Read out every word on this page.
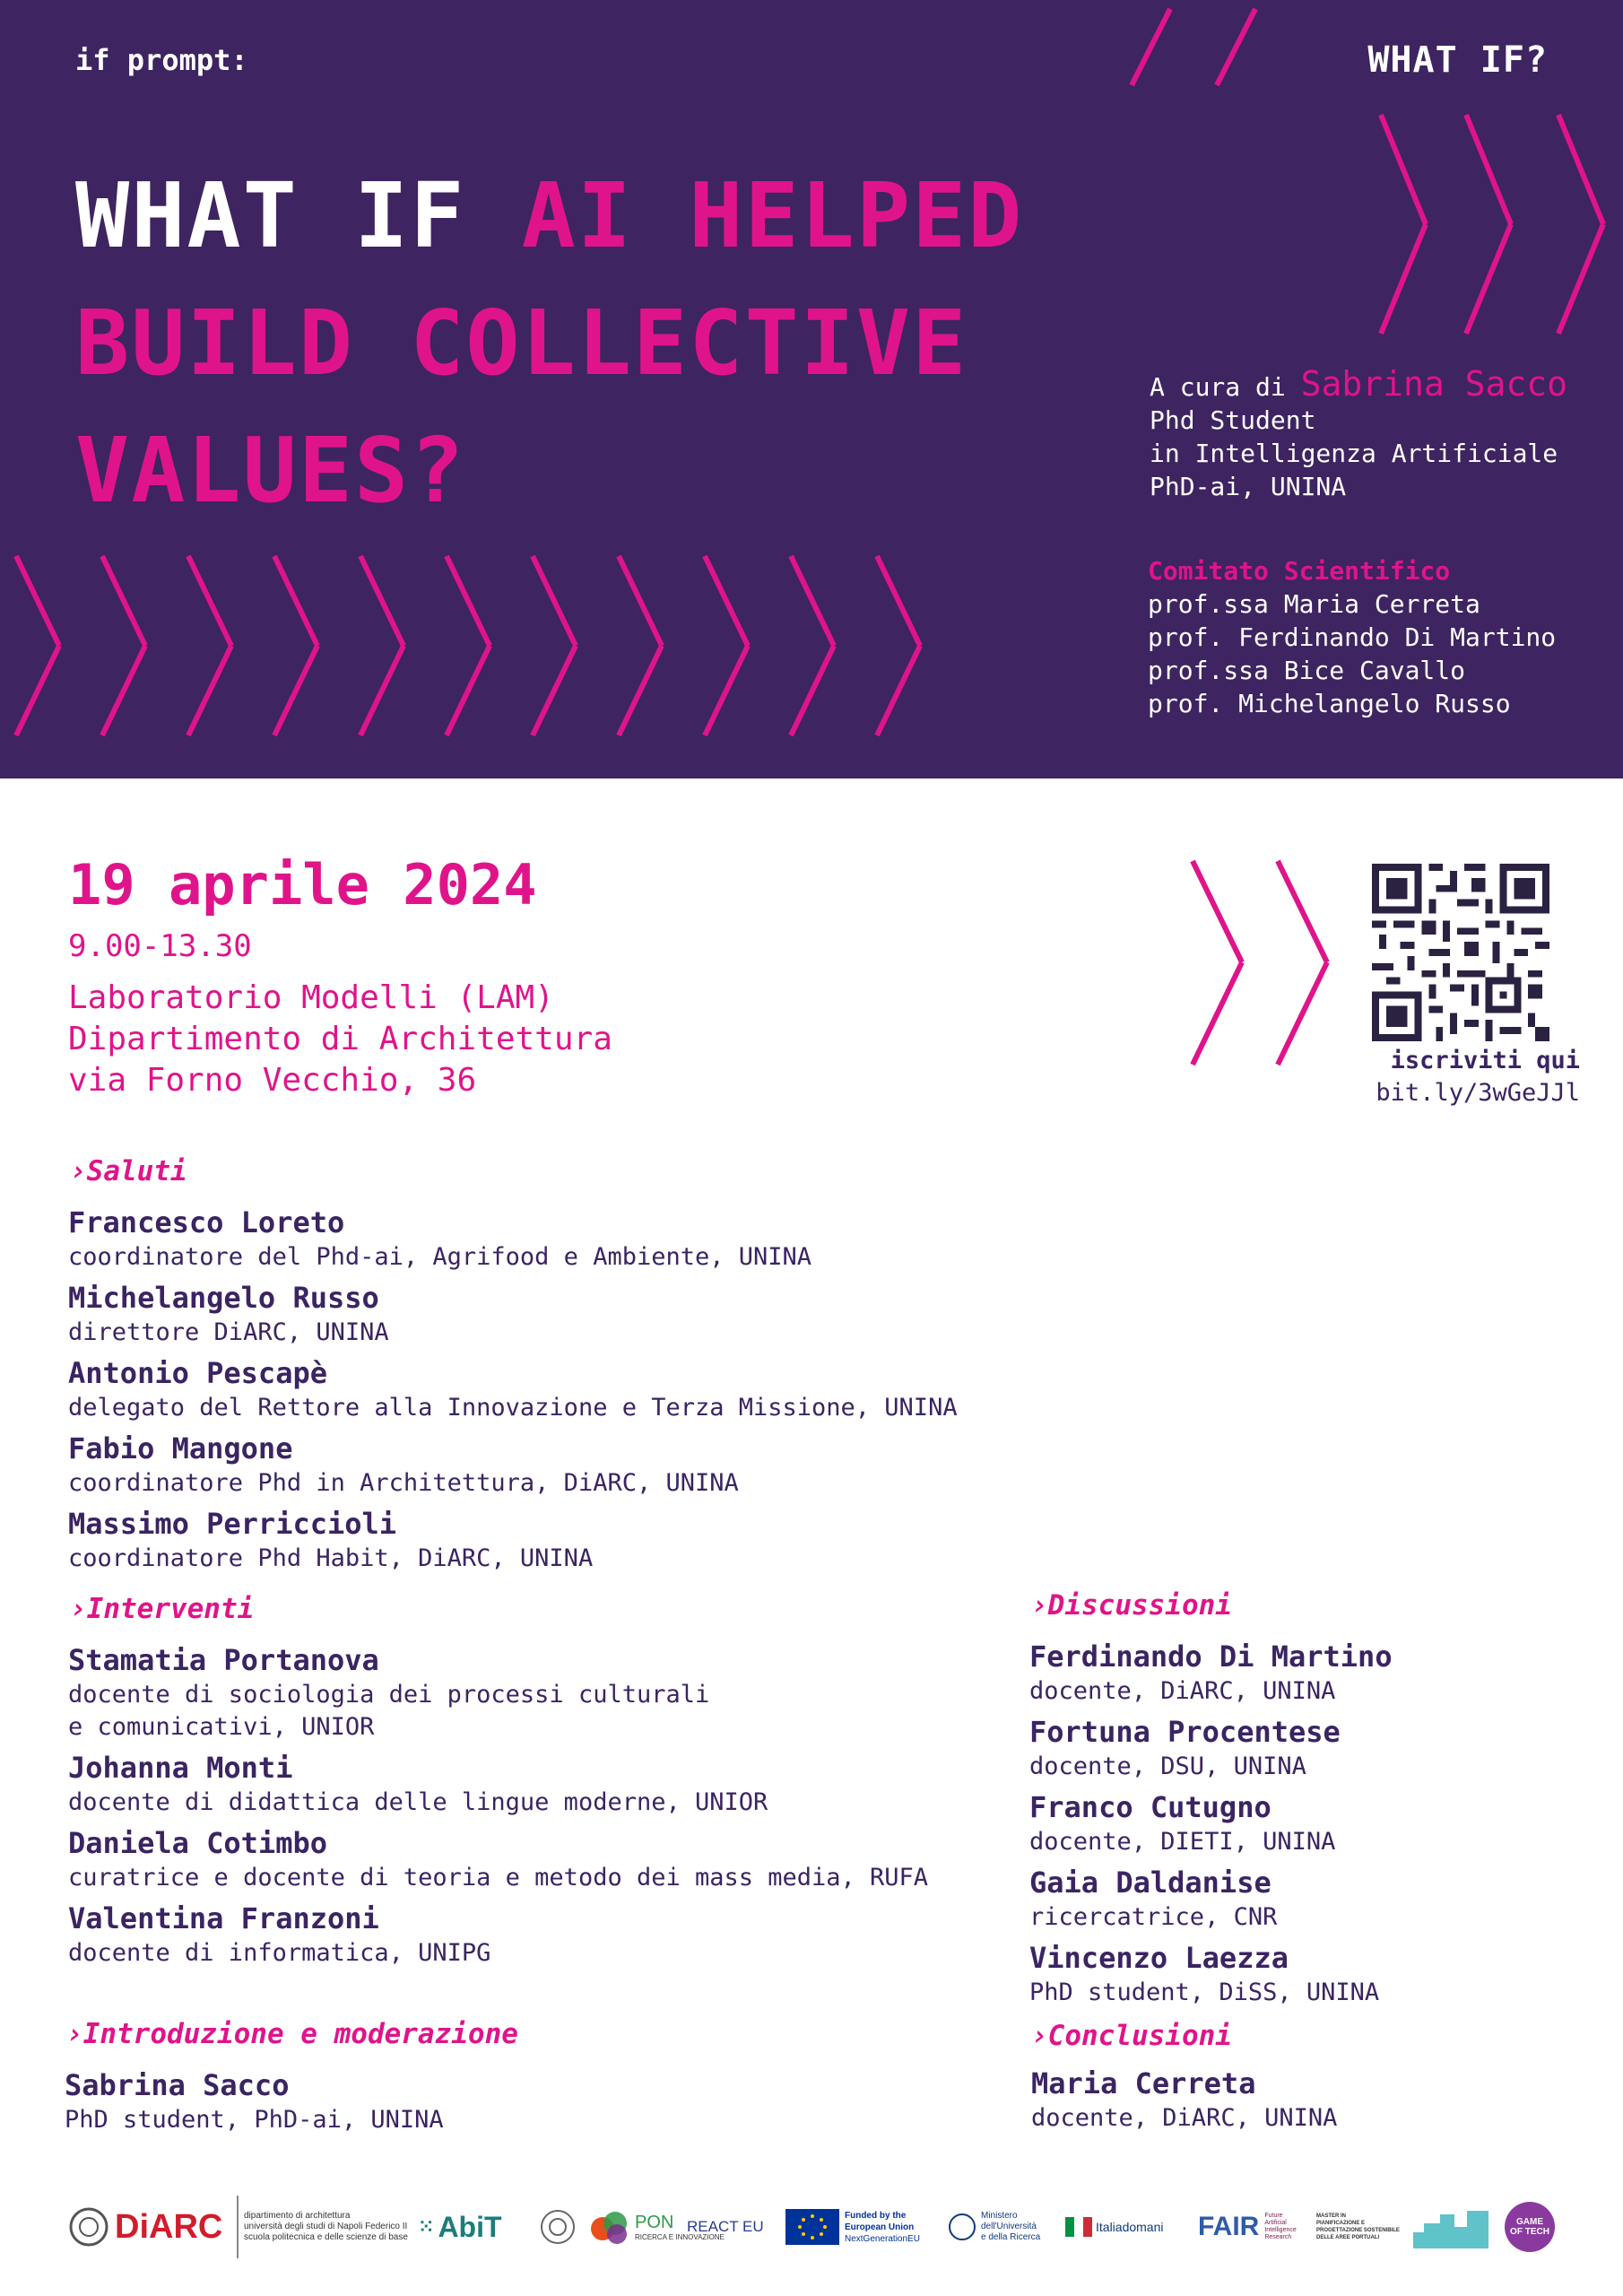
if prompt:	WHAT IF?
WHAT IF AI HELPED
BUILD COLLECTIVE
VALUES?
A cura di Sabrina Sacco
Phd Student
in Intelligenza Artificiale
PhD-ai, UNINA
Comitato Scientifico
prof.ssa Maria Cerreta
prof. Ferdinando Di Martino
prof.ssa Bice Cavallo
prof. Michelangelo Russo
19 aprile 2024
9.00-13.30
Laboratorio Modelli (LAM)
Dipartimento di Architettura
via Forno Vecchio, 36
iscriviti qui
bit.ly/3wGeJJl
›Saluti
Francesco Loreto
coordinatore del Phd-ai, Agrifood e Ambiente, UNINA
Michelangelo Russo
direttore DiARC, UNINA
Antonio Pescapè
delegato del Rettore alla Innovazione e Terza Missione, UNINA
Fabio Mangone
coordinatore Phd in Architettura, DiARC, UNINA
Massimo Perriccioli
coordinatore Phd Habit, DiARC, UNINA
›Interventi
Stamatia Portanova
docente di sociologia dei processi culturali
e comunicativi, UNIOR
Johanna Monti
docente di didattica delle lingue moderne, UNIOR
Daniela Cotimbo
curatrice e docente di teoria e metodo dei mass media, RUFA
Valentina Franzoni
docente di informatica, UNIPG
›Discussioni
Ferdinando Di Martino
docente, DiARC, UNINA
Fortuna Procentese
docente, DSU, UNINA
Franco Cutugno
docente, DIETI, UNINA
Gaia Daldanise
ricercatrice, CNR
Vincenzo Laezza
PhD student, DiSS, UNINA
›Introduzione e moderazione
Sabrina Sacco
PhD student, PhD-ai, UNINA
›Conclusioni
Maria Cerreta
docente, DiARC, UNINA
DiARC dipartimento di architettura
università degli studi di Napoli Federico II
scuola politecnica e delle scienze di base ⁙ AbiT	PON
RICERCA E INNOVAZIONE
REACT EU
Funded by the
European Union
NextGenerationEU
Ministero
dell'Università
e della Ricerca
Italiadomani FAIR Future
Artificial
Intelligence
Research
MASTER IN
PIANIFICAZIONE E
PROGETTAZIONE SOSTENIBILE
DELLE AREE PORTUALI
GAME
OF TECH
